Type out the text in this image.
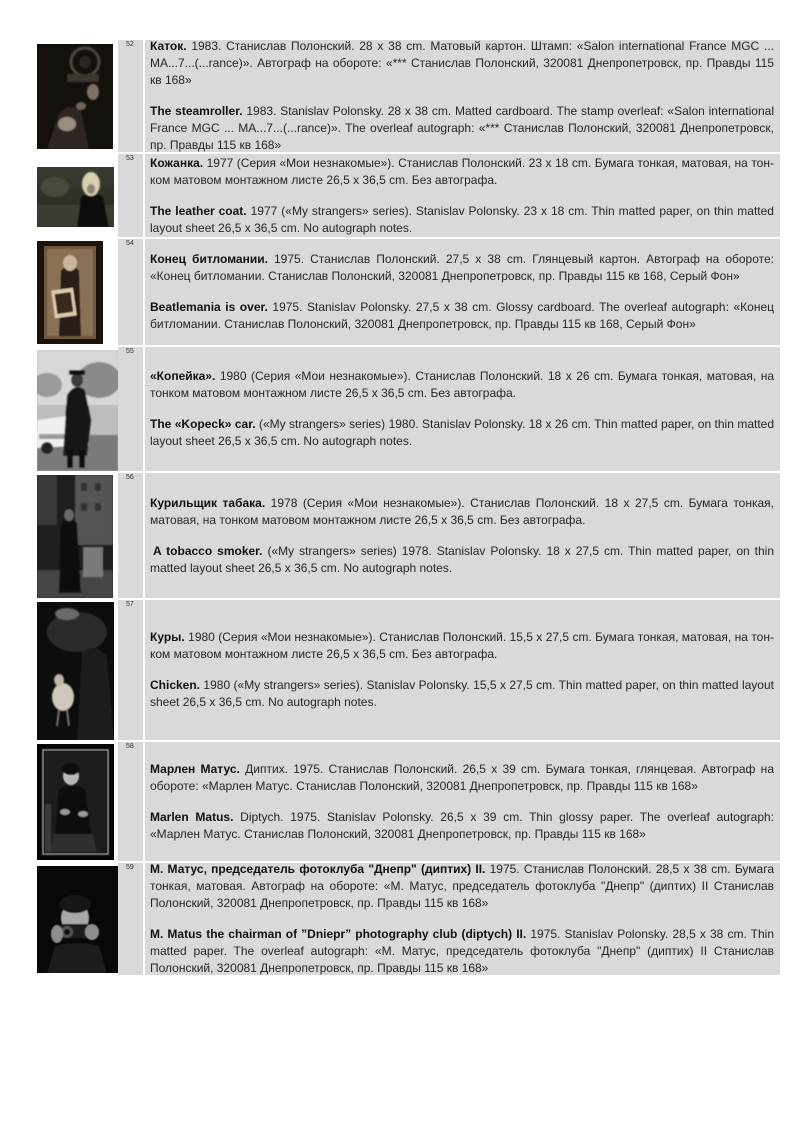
52 Каток. 1983. Станислав Полонский. 28 x 38 cm. Матовый картон. Штамп: «Salon international France MGC ... MA...7...(...rance)». Автограф на обороте: «*** Станислав Полонский, 320081 Днепропетровск, пр. Правды 115 кв 168»

The steamroller. 1983. Stanislav Polonsky. 28 x 38 cm. Matted cardboard. The stamp overleaf: «Salon international France MGC ... MA...7...(...rance)». The overleaf autograph: «*** Станислав Полонский, 320081 Днепропетровск, пр. Правды 115 кв 168»

53 Кожанка. 1977 (Серия «Мои незнакомые»). Станислав Полонский. 23 x 18 cm. Бумага тонкая, матовая, на тонком матовом монтажном листе 26,5 x 36,5 cm. Без автографа.

The leather coat. 1977 («My strangers» series). Stanislav Polonsky. 23 x 18 cm. Thin matted paper, on thin matted layout sheet 26,5 x 36,5 cm. No autograph notes.

54

Конец битломании. 1975. Станислав Полонский. 27,5 x 38 cm. Глянцевый картон. Автограф на обороте: «Конец битломании. Станислав Полонский, 320081 Днепропетровск, пр. Правды 115 кв 168, Серый Фон»

Beatlemania is over. 1975. Stanislav Polonsky. 27,5 x 38 cm. Glossy cardboard. The overleaf autograph: «Конец битломании. Станислав Полонский, 320081 Днепропетровск, пр. Правды 115 кв 168, Серый Фон»

55

«Копейка». 1980 (Серия «Мои незнакомые»). Станислав Полонский. 18 x 26 cm. Бумага тонкая, матовая, на тонком матовом монтажном листе 26,5 x 36,5 cm. Без автографа.

The «Kopeck» car. («My strangers» series) 1980. Stanislav Polonsky. 18 x 26 cm. Thin matted paper, on thin matted layout sheet 26,5 x 36,5 cm. No autograph notes.

56

Курильщик табака. 1978 (Серия «Мои незнакомые»). Станислав Полонский. 18 x 27,5 cm. Бумага тонкая, матовая, на тонком матовом монтажном листе 26,5 x 36,5 cm. Без автографа.

A tobacco smoker. («My strangers» series) 1978. Stanislav Polonsky. 18 x 27,5 cm. Thin matted paper, on thin matted layout sheet 26,5 x 36,5 cm. No autograph notes.

57

Куры. 1980 (Серия «Мои незнакомые»). Станислав Полонский. 15,5 x 27,5 cm. Бумага тонкая, матовая, на тонком матовом монтажном листе 26,5 x 36,5 cm. Без автографа.

Chicken. 1980 («My strangers» series). Stanislav Polonsky. 15,5 x 27,5 cm. Thin matted paper, on thin matted layout sheet 26,5 x 36,5 cm. No autograph notes.

58

Марлен Матус. Диптих. 1975. Станислав Полонский. 26,5 x 39 cm. Бумага тонкая, глянцевая. Автограф на обороте: «Марлен Матус. Станислав Полонский, 320081 Днепропетровск, пр. Правды 115 кв 168»

Marlen Matus. Diptych. 1975. Stanislav Polonsky. 26,5 x 39 cm. Thin glossy paper. The overleaf autograph: «Марлен Матус. Станислав Полонский, 320081 Днепропетровск, пр. Правды 115 кв 168»

59 М. Матус, председатель фотоклуба "Днепр" (диптих) II. 1975. Станислав Полонский. 28,5 x 38 cm. Бумага тонкая, матовая. Автограф на обороте: «М. Матус, председатель фотоклуба "Днепр" (диптих) II Станислав Полонский, 320081 Днепропетровск, пр. Правды 115 кв 168»

M. Matus the chairman of ”Dniepr” photography club (diptych) II. 1975. Stanislav Polonsky. 28,5 x 38 cm. Thin matted paper. The overleaf autograph: «М. Матус, председатель фотоклуба "Днепр" (диптих) II Станислав Полонский, 320081 Днепропетровск, пр. Правды 115 кв 168»
